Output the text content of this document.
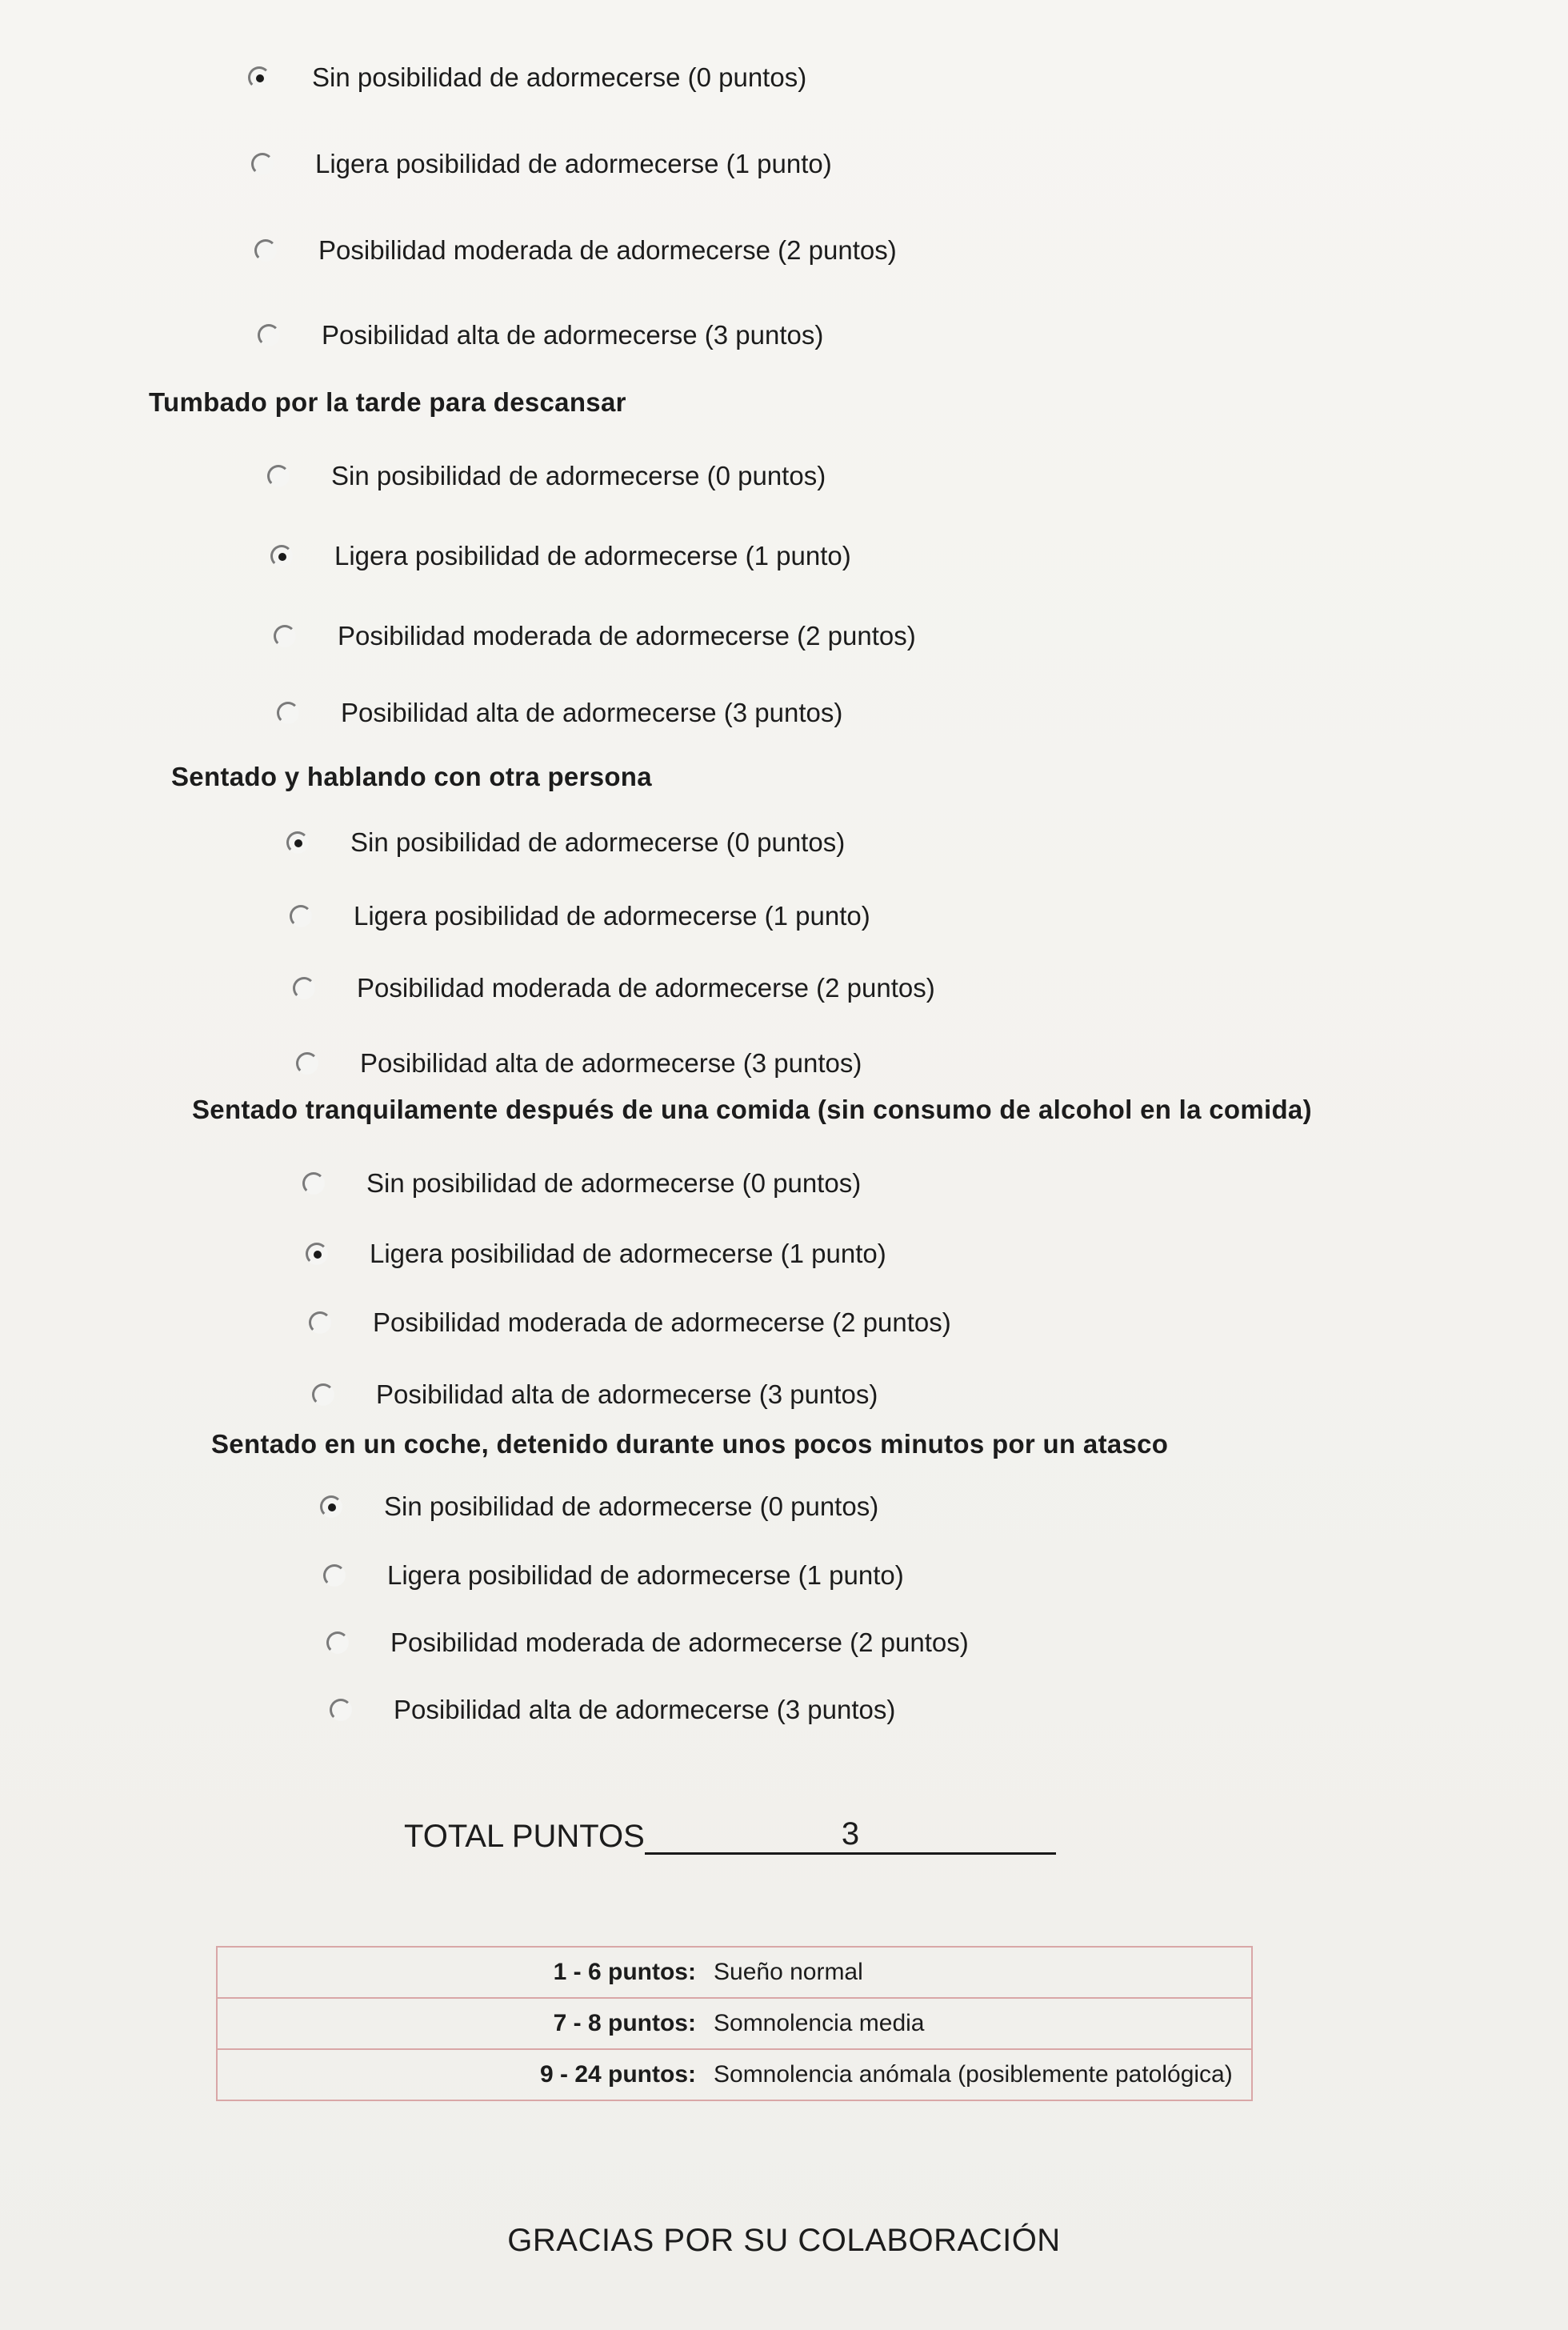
Sin posibilidad de adormecerse (0 puntos)
Ligera posibilidad de adormecerse (1 punto)
Posibilidad moderada de adormecerse (2 puntos)
Posibilidad alta de adormecerse (3 puntos)
Tumbado por la tarde para descansar
Sin posibilidad de adormecerse (0 puntos)
Ligera posibilidad de adormecerse (1 punto)
Posibilidad moderada de adormecerse (2 puntos)
Posibilidad alta de adormecerse (3 puntos)
Sentado y hablando con otra persona
Sin posibilidad de adormecerse (0 puntos)
Ligera posibilidad de adormecerse (1 punto)
Posibilidad moderada de adormecerse (2 puntos)
Posibilidad alta de adormecerse (3 puntos)
Sentado tranquilamente después de una comida (sin consumo de alcohol en la comida)
Sin posibilidad de adormecerse (0 puntos)
Ligera posibilidad de adormecerse (1 punto)
Posibilidad moderada de adormecerse (2 puntos)
Posibilidad alta de adormecerse (3 puntos)
Sentado en un coche, detenido durante unos pocos minutos por un atasco
Sin posibilidad de adormecerse (0 puntos)
Ligera posibilidad de adormecerse (1 punto)
Posibilidad moderada de adormecerse (2 puntos)
Posibilidad alta de adormecerse (3 puntos)
TOTAL PUNTOS	3
1 - 6 puntos: Sueño normal
7 - 8 puntos: Somnolencia media
9 - 24 puntos: Somnolencia anómala (posiblemente patológica)
GRACIAS POR SU COLABORACIÓN
